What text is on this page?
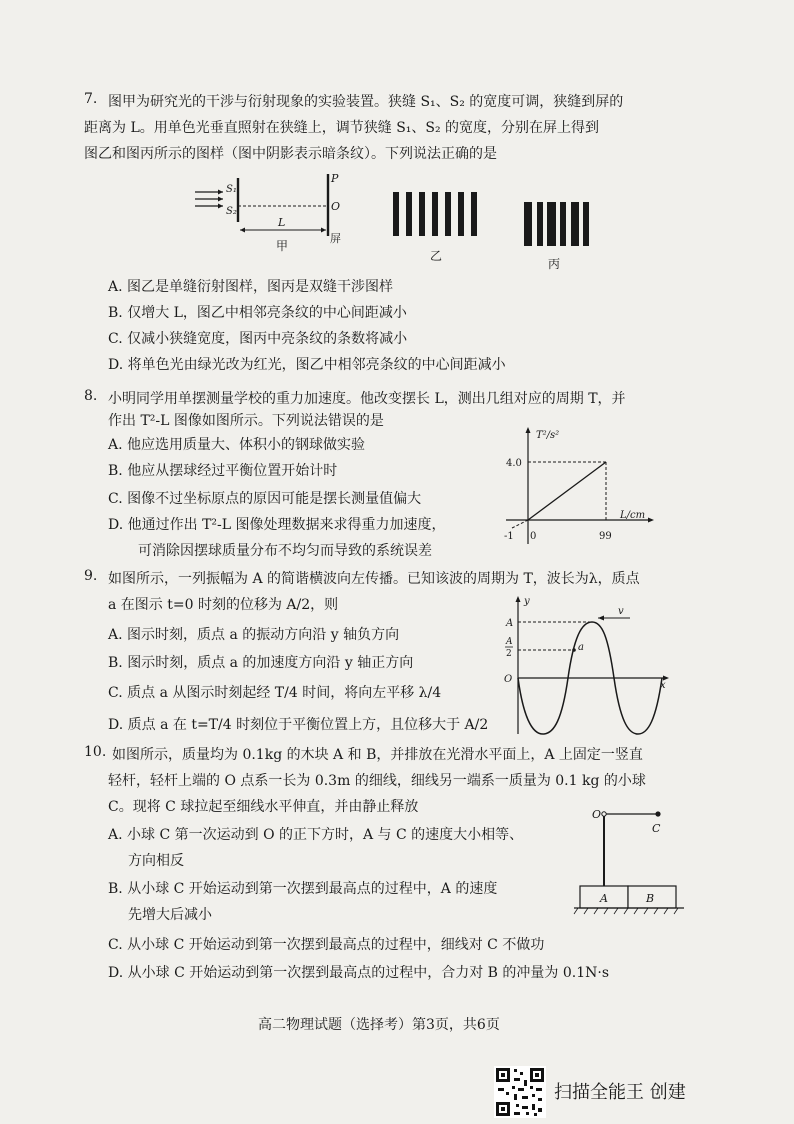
7. 图甲为研究光的干涉与衍射现象的实验装置。狭缝 S₁、S₂ 的宽度可调，狭缝到屏的
距离为 L。用单色光垂直照射在狭缝上，调节狭缝 S₁、S₂ 的宽度，分别在屏上得到
图乙和图丙所示的图样（图中阴影表示暗条纹）。下列说法正确的是
S₁
S₂
P
O
L
屏
甲
乙
丙
A. 图乙是单缝衍射图样，图丙是双缝干涉图样
B. 仅增大 L，图乙中相邻亮条纹的中心间距减小
C. 仅减小狭缝宽度，图丙中亮条纹的条数将减小
D. 将单色光由绿光改为红光，图乙中相邻亮条纹的中心间距减小
8. 小明同学用单摆测量学校的重力加速度。他改变摆长 L，测出几组对应的周期 T，并
作出 T²-L 图像如图所示。下列说法错误的是
A. 他应选用质量大、体积小的钢球做实验
B. 他应从摆球经过平衡位置开始计时
C. 图像不过坐标原点的原因可能是摆长测量值偏大
D. 他通过作出 T²-L 图像处理数据来求得重力加速度，
可消除因摆球质量分布不均匀而导致的系统误差
T²/s²
L/cm
4.0
-1 0	99
9. 如图所示，一列振幅为 A 的简谐横波向左传播。已知该波的周期为 T，波长为λ，质点
a 在图示 t=0 时刻的位移为 A/2，则
A. 图示时刻，质点 a 的振动方向沿 y 轴负方向
B. 图示时刻，质点 a 的加速度方向沿 y 轴正方向
C. 质点 a 从图示时刻起经 T/4 时间，将向左平移 λ/4
D. 质点 a 在 t=T/4 时刻位于平衡位置上方，且位移大于 A/2
y
x
O
a
v
A
A
2
10. 如图所示，质量均为 0.1kg 的木块 A 和 B，并排放在光滑水平面上，A 上固定一竖直
轻杆，轻杆上端的 O 点系一长为 0.3m 的细线，细线另一端系一质量为 0.1 kg 的小球
C。现将 C 球拉起至细线水平伸直，并由静止释放
A. 小球 C 第一次运动到 O 的正下方时，A 与 C 的速度大小相等、
方向相反
B. 从小球 C 开始运动到第一次摆到最高点的过程中，A 的速度
先增大后减小
C. 从小球 C 开始运动到第一次摆到最高点的过程中，细线对 C 不做功
D. 从小球 C 开始运动到第一次摆到最高点的过程中，合力对 B 的冲量为 0.1N·s
O
C
A	B
高二物理试题（选择考）第3页，共6页
扫描全能王 创建
